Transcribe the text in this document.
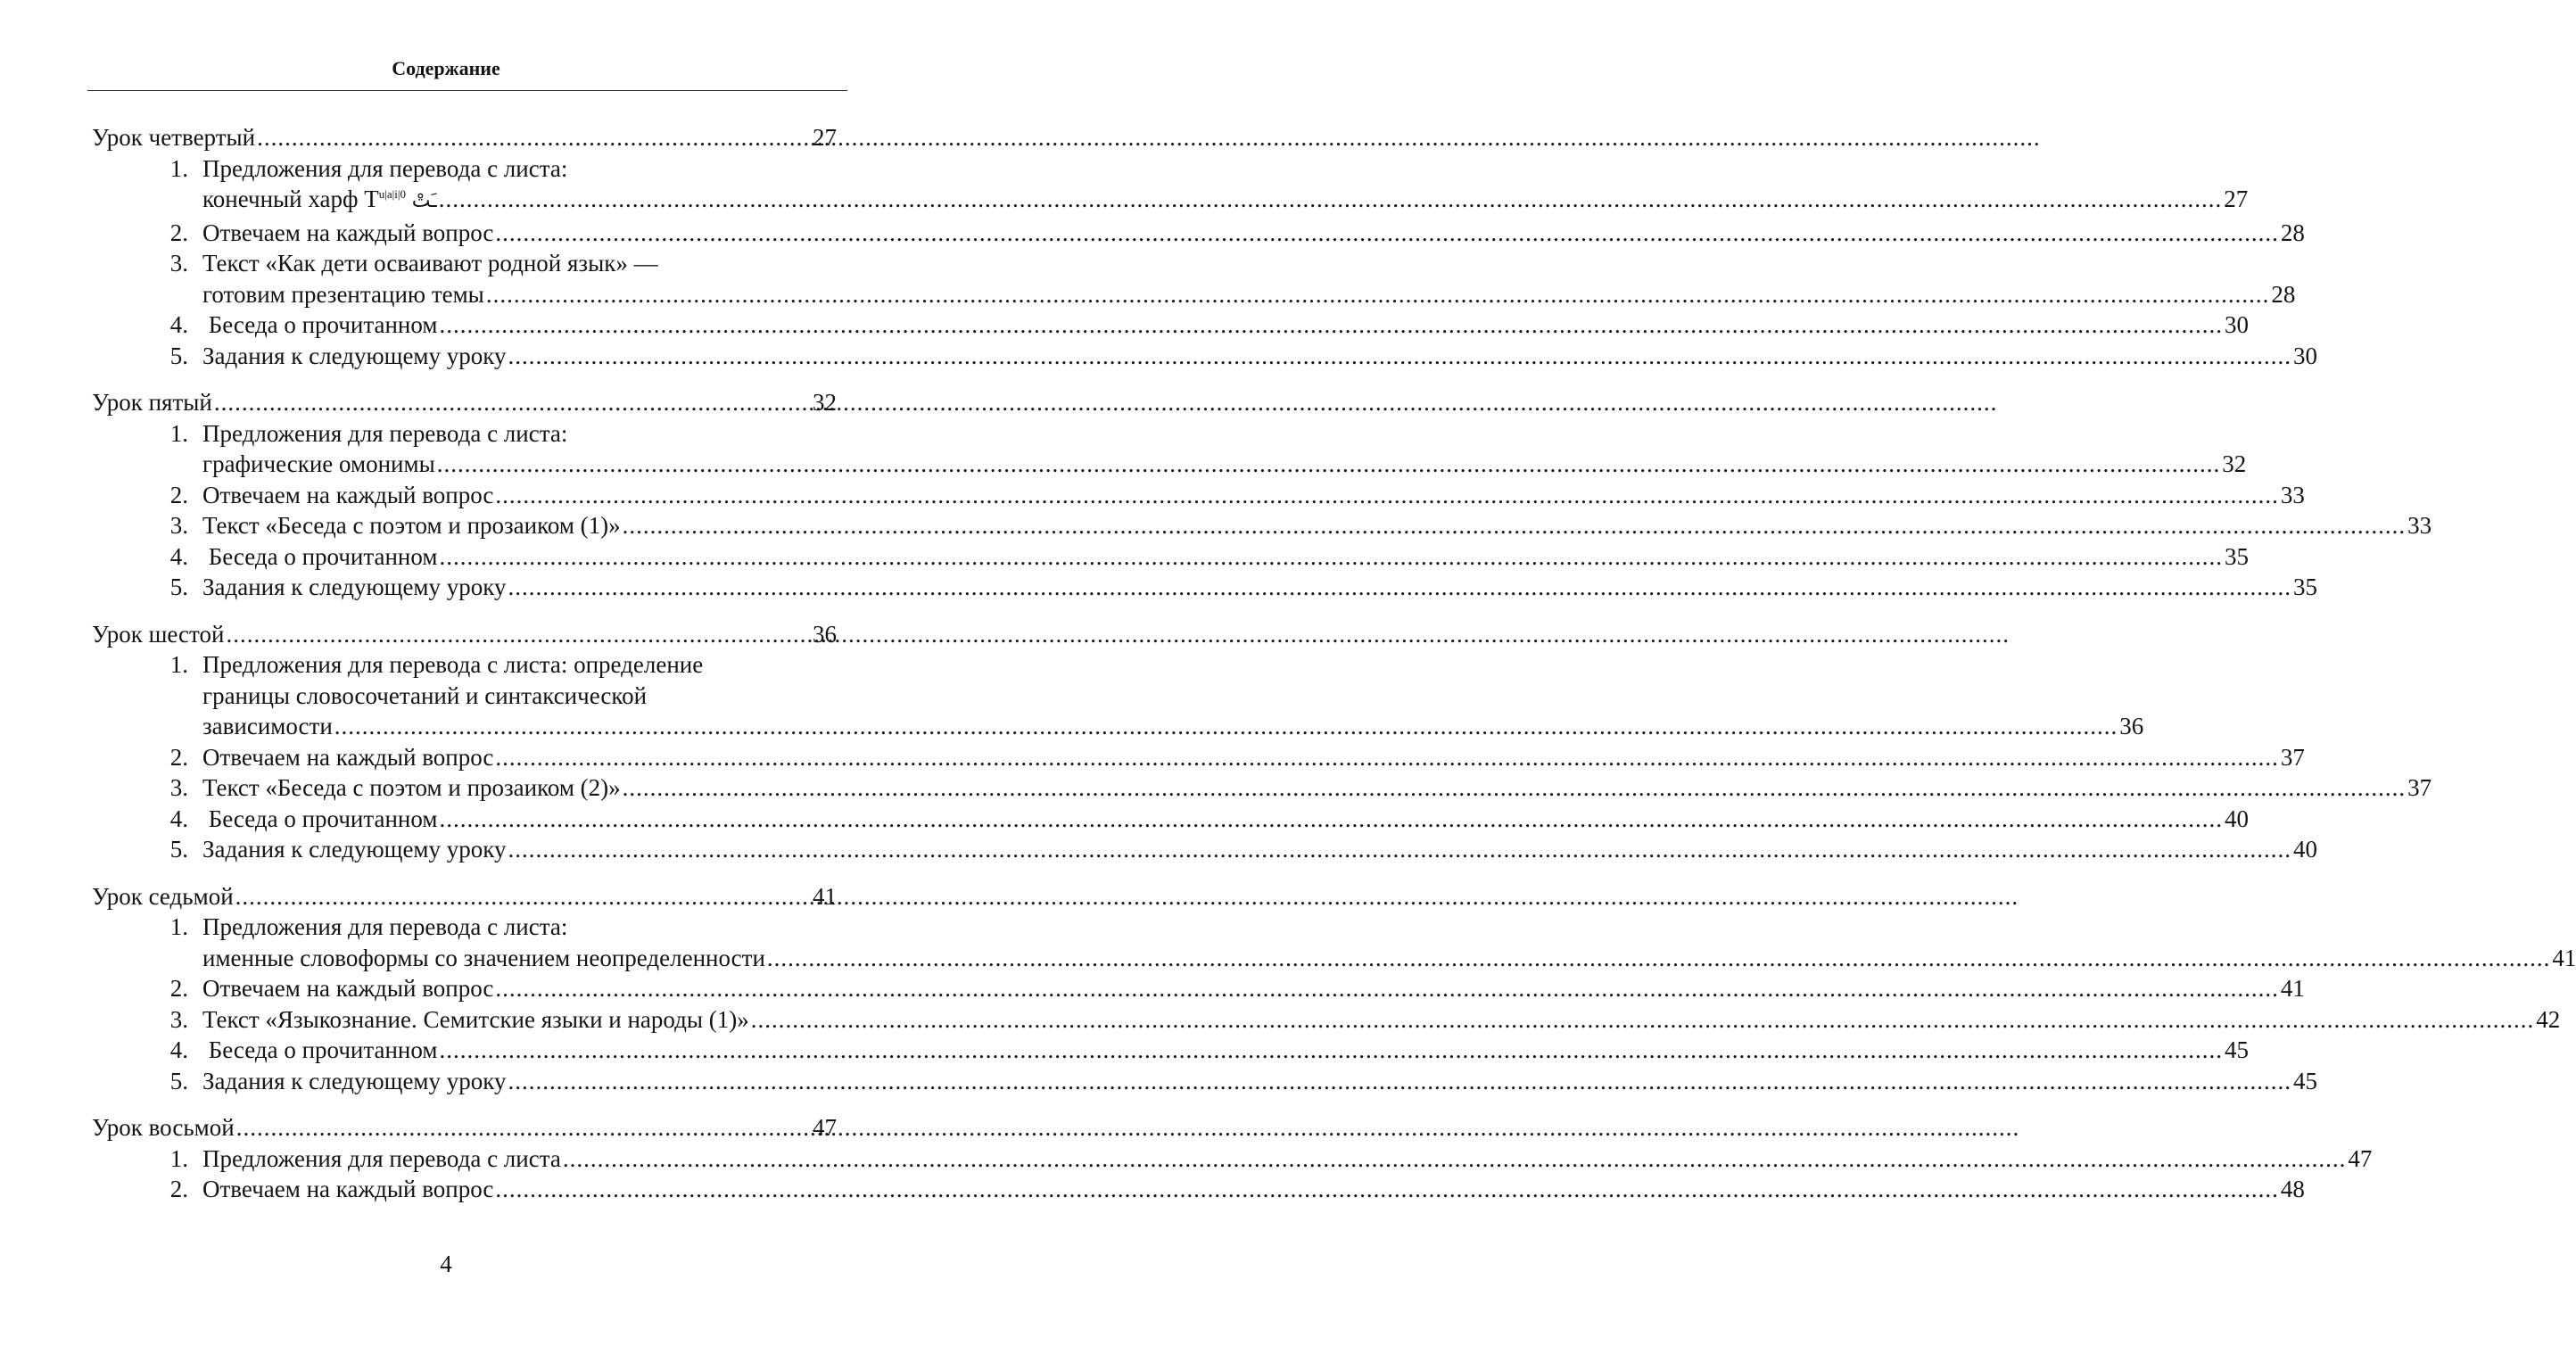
Содержание
Урок четвертый .....	27
1. Предложения для перевода с листа:
конечный харф $Т^{u|a|i|0}$ ـَتْ .....	27
2. Отвечаем на каждый вопрос .....	28
3. Текст «Как дети осваивают родной язык» —
готовим презентацию темы .....	28
4. Беседа о прочитанном .....	30
5. Задания к следующему уроку .....	30
Урок пятый .....	32
1. Предложения для перевода с листа:
графические омонимы .....	32
2. Отвечаем на каждый вопрос .....	33
3. Текст «Беседа с поэтом и прозаиком (1)» .....	33
4. Беседа о прочитанном .....	35
5. Задания к следующему уроку .....	35
Урок шестой .....	36
1. Предложения для перевода с листа: определение
границы словосочетаний и синтаксической
зависимости .....	36
2. Отвечаем на каждый вопрос .....	37
3. Текст «Беседа с поэтом и прозаиком (2)» .....	37
4. Беседа о прочитанном .....	40
5. Задания к следующему уроку .....	40
Урок седьмой .....	41
1. Предложения для перевода с листа:
именные словоформы со значением неопределенности .....	41
2. Отвечаем на каждый вопрос .....	41
3. Текст «Языкознание. Семитские языки и народы (1)» .....	42
4. Беседа о прочитанном .....	45
5. Задания к следующему уроку .....	45
Урок восьмой .....	47
1. Предложения для перевода с листа .....	47
2. Отвечаем на каждый вопрос .....	48
4
